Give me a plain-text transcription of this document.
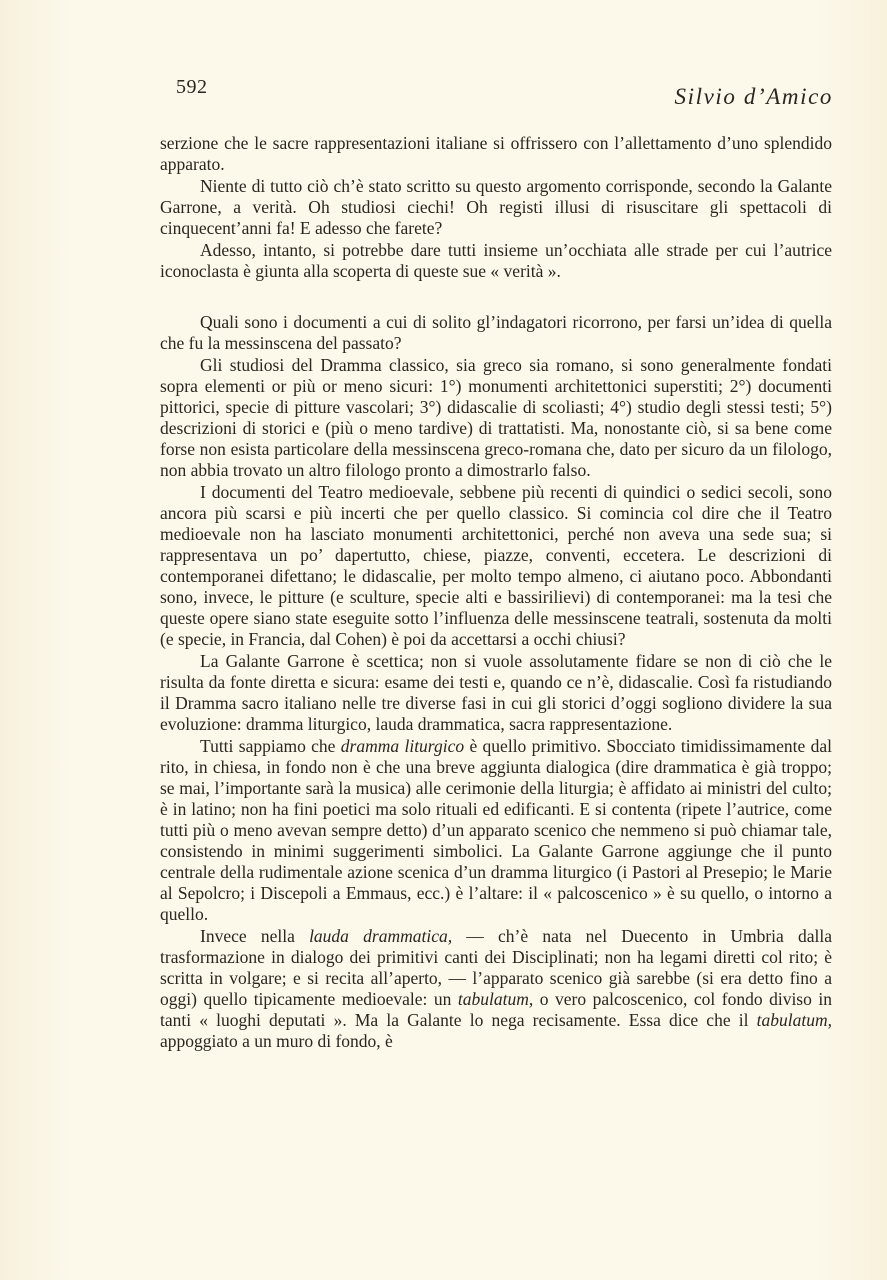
592	Silvio d’Amico

serzione che le sacre rappresentazioni italiane si offrissero con l’allettamento d’uno splendido apparato.

Niente di tutto ciò ch’è stato scritto su questo argomento corrisponde, secondo la Galante Garrone, a verità. Oh studiosi ciechi! Oh registi illusi di risuscitare gli spettacoli di cinquecent’anni fa! E adesso che farete?

Adesso, intanto, si potrebbe dare tutti insieme un’occhiata alle strade per cui l’autrice iconoclasta è giunta alla scoperta di queste sue « verità ».

Quali sono i documenti a cui di solito gl’indagatori ricorrono, per farsi un’idea di quella che fu la messinscena del passato?

Gli studiosi del Dramma classico, sia greco sia romano, si sono generalmente fondati sopra elementi or più or meno sicuri: 1°) monumenti architettonici superstiti; 2°) documenti pittorici, specie di pitture vascolari; 3°) didascalie di scoliasti; 4°) studio degli stessi testi; 5°) descrizioni di storici e (più o meno tardive) di trattatisti. Ma, nonostante ciò, si sa bene come forse non esista particolare della messinscena greco-romana che, dato per sicuro da un filologo, non abbia trovato un altro filologo pronto a dimostrarlo falso.

I documenti del Teatro medioevale, sebbene più recenti di quindici o sedici secoli, sono ancora più scarsi e più incerti che per quello classico. Si comincia col dire che il Teatro medioevale non ha lasciato monumenti architettonici, perché non aveva una sede sua; si rappresentava un po’ dapertutto, chiese, piazze, conventi, eccetera. Le descrizioni di contemporanei difettano; le didascalie, per molto tempo almeno, ci aiutano poco. Abbondanti sono, invece, le pitture (e sculture, specie alti e bassirilievi) di contemporanei: ma la tesi che queste opere siano state eseguite sotto l’influenza delle messinscene teatrali, sostenuta da molti (e specie, in Francia, dal Cohen) è poi da accettarsi a occhi chiusi?

La Galante Garrone è scettica; non si vuole assolutamente fidare se non di ciò che le risulta da fonte diretta e sicura: esame dei testi e, quando ce n’è, didascalie. Così fa ristudiando il Dramma sacro italiano nelle tre diverse fasi in cui gli storici d’oggi sogliono dividere la sua evoluzione: dramma liturgico, lauda drammatica, sacra rappresentazione.

Tutti sappiamo che dramma liturgico è quello primitivo. Sbocciato timidissimamente dal rito, in chiesa, in fondo non è che una breve aggiunta dialogica (dire drammatica è già troppo; se mai, l’importante sarà la musica) alle cerimonie della liturgia; è affidato ai ministri del culto; è in latino; non ha fini poetici ma solo rituali ed edificanti. E si contenta (ripete l’autrice, come tutti più o meno avevan sempre detto) d’un apparato scenico che nemmeno si può chiamar tale, consistendo in minimi suggerimenti simbolici. La Galante Garrone aggiunge che il punto centrale della rudimentale azione scenica d’un dramma liturgico (i Pastori al Presepio; le Marie al Sepolcro; i Discepoli a Emmaus, ecc.) è l’altare: il « palcoscenico » è su quello, o intorno a quello.

Invece nella lauda drammatica, — ch’è nata nel Duecento in Umbria dalla trasformazione in dialogo dei primitivi canti dei Disciplinati; non ha legami diretti col rito; è scritta in volgare; e si recita all’aperto, — l’apparato scenico già sarebbe (si era detto fino a oggi) quello tipicamente medioevale: un tabulatum, o vero palcoscenico, col fondo diviso in tanti « luoghi deputati ». Ma la Galante lo nega recisamente. Essa dice che il tabulatum, appoggiato a un muro di fondo, è
